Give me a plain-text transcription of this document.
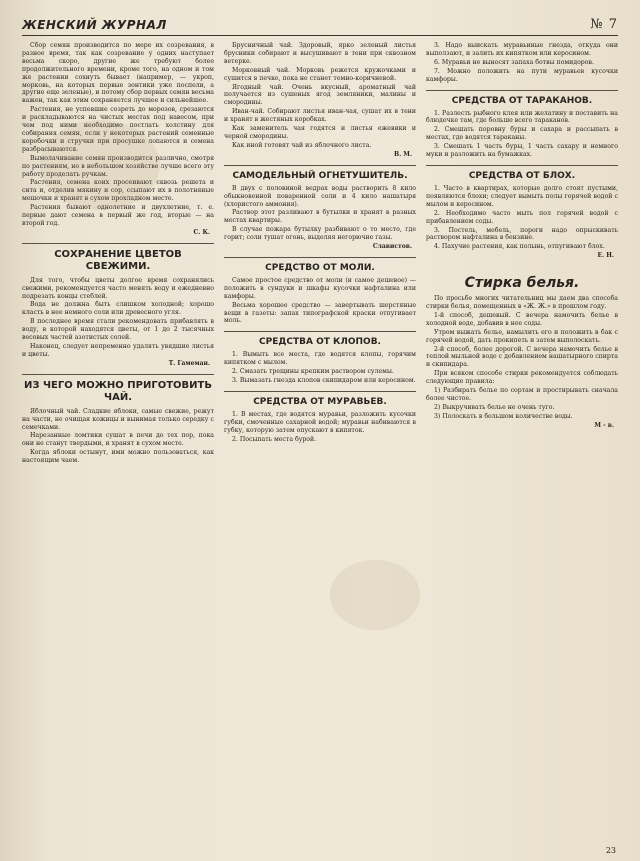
ЖЕНСКИЙ ЖУРНАЛ	№ 7

Сбор семян производится по мере их созревания, в разное время, так как созревание у одних наступает весьма скоро, другие же требуют более продолжительного времени, кроме того, на одном и том же растении сохнуть бывает (например, — укроп, морковь, на которых первые зонтики уже поспели, а другие еще зеленые), и потому сбор первых семян весьма важен, так как этим сохраняется лучшее и сильнейшее.

Растения, не успевшие созреть до морозов, срезаются и раскладываются на чистых местах под навесом, при чем под ними необходимо постлать холстину для собирания семян, если у некоторых растений семенные коробочки и стручки при просушке лопаются и семена разбрасываются.

Вымолачивание семян производится различно, смотря по растениям, но в небольшом хозяйстве лучше всего эту работу проделать ручкам.

Растения, семена коих просеивают сквозь решета и сита и, отделив мякину и сор, ссыпают их в полотняные мешочки и хранят в сухом прохладном месте.

Растения бывают однолетние и двухлетние, т. е. первые дают семена в первый же год, вторые — на второй год.

С. К.
СОХРАНЕНИЕ ЦВЕТОВ СВЕЖИМИ.

Для того, чтобы цветы долгое время сохранялись свежими, рекомендуется часто менять воду и ежедневно подрезать концы стеблей.

Вода не должна быть слишком холодной; хорошо класть в нее немного соли или древесного угля.

В последнее время стали рекомендовать прибавлять в воду, в которой находятся цветы, от 1 до 2 тысячных весовых частей азотистых солей.

Наконец, следует непременно удалять увядшие листья и цветы.

Т. Гамеман.
ИЗ ЧЕГО МОЖНО ПРИГОТОВИТЬ ЧАЙ.

Яблочный чай. Сладкие яблоки, самые свежие, режут на части, не очищая кожицы и вынимая только середку с семечками.

Нарезанные ломтики сушат в печи до тех пор, пока они не станут твердыми, и хранят в сухом месте.

Когда яблоки остынут, ими можно пользоваться, как настоящим чаем.

Брусничный чай. Здоровый, ярко зеленый листья брусники собирают и высушивают в тени при сквозном ветерке.

Морковный чай. Морковь режется кружочками и сушится в печке, пока не станет темно-коричневой.

Ягодный чай. Очень вкусный, ароматный чай получается из сушеных ягод земляники, малины и смородины.

Иван-чай. Собирают листья иван-чая, сушат их в тени и хранят в жестяных коробках.

Как заменитель чая годятся и листья ежевики и черной смородины.

Как иной готовят чай из яблочного листа.

В. М.
САМОДЕЛЬНЫЙ ОГНЕТУШИТЕЛЬ.

В двух с половиной ведрах воды растворить 8 кило обыкновенной поваренной соли и 4 кило нашатыря (хлористого аммония).

Раствор этот разливают в бутылки и хранят в разных местах квартиры.

В случае пожара бутылку разбивают о то место, где горит; соли тушат огонь, выделяя негорючие газы.

Славистов.
СРЕДСТВО ОТ МОЛИ.

Самое простое средство от моли (и самое дешевое) — положить в сундуки и шкафы кусочки нафталина или камфоры.

Весьма хорошее средство — завертывать шерстяные вещи в газеты: запах типографской краски отпугивает моль.

СРЕДСТВА ОТ КЛОПОВ.

1. Вымыть все места, где водятся клопы, горячим кипятком с мылом.

2. Смазать трещины крепким раствором сулемы.

3. Вымазать гнезда клопов скипидаром или керосином.

СРЕДСТВА ОТ МУРАВЬЕВ.

1. В местах, где водятся муравьи, разложить кусочки губки, смоченные сахарной водой; муравьи набиваются в губку, которую затем опускают в кипяток.

2. Посыпать места бурой.

3. Надо выискать муравьиные гнезда, откуда они выползают, и залить их кипятком или керосином.

6. Муравьи не выносят запаха ботвы помидоров.

7. Можно положить на пути муравьев кусочки камфоры.

СРЕДСТВА ОТ ТАРАКАНОВ.

1. Разлесть рыбного клея или желатину и поставить на блюдечке там, где больше всего тараканов.

2. Смешать поровну буры и сахара и рассыпать в местах, где водятся тараканы.

3. Смешать 1 часть буры, 1 часть сахару и немного муки и разложить на бумажках.

СРЕДСТВА ОТ БЛОХ.

1. Часто в квартирах, которые долго стоят пустыми, появляются блохи; следует вымыть полы горячей водой с мылом и керосином.

2. Необходимо часто мыть пол горячей водой с прибавлением соды.

3. Постель, мебель, пороги надо опрыскивать раствором нафталина в бензине.

4. Пахучие растения, как полынь, отпугивают блох.

Е. Н.
Стирка белья.

По просьбе многих читательниц мы даем два способа стирки белья, помещенных в «Ж. Ж.» в прошлом году.

1-й способ, дешевый. С вечера намочить белье в холодной воде, добавив в нее соды.

Утром выжать белье, намылить его и положить в бак с горячей водой, дать прокипеть и затем выполоскать.

2-й способ, более дорогой. С вечера намочить белье в теплой мыльной воде с добавлением нашатырного спирта и скипидара.

При всяком способе стирки рекомендуется соблюдать следующие правила:

1) Разбирать белье по сортам и простирывать сначала более чистое.

2) Выкручивать белье не очень туго.

3) Полоскать в большом количестве воды.

М - в.
23
